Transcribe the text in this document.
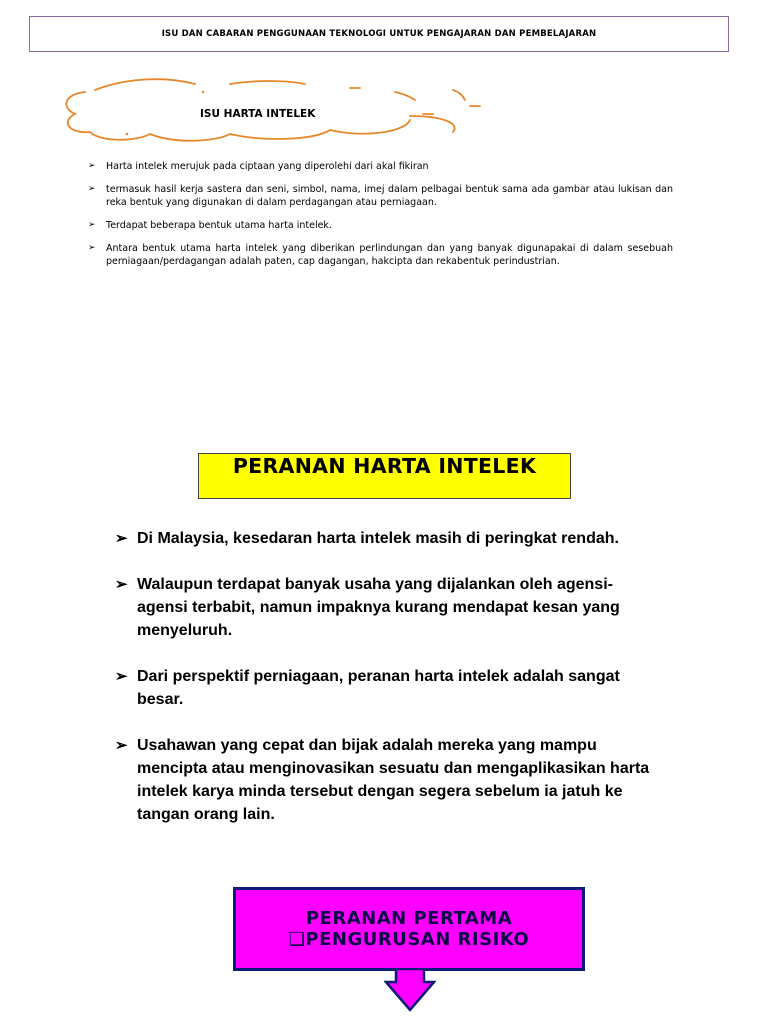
ISU DAN CABARAN PENGGUNAAN TEKNOLOGI UNTUK PENGAJARAN DAN PEMBELAJARAN
ISU HARTA INTELEK
➢ Harta intelek merujuk pada ciptaan yang diperolehi dari akal fikiran
➢ termasuk hasil kerja sastera dan seni, simbol, nama, imej dalam pelbagai bentuk sama ada gambar atau lukisan dan reka bentuk yang digunakan di dalam perdagangan atau perniagaan.
➢ Terdapat beberapa bentuk utama harta intelek.
➢ Antara bentuk utama harta intelek yang diberikan perlindungan dan yang banyak digunapakai di dalam sesebuah perniagaan/perdagangan adalah paten, cap dagangan, hakcipta dan rekabentuk perindustrian.
PERANAN HARTA INTELEK
➢ Di Malaysia, kesedaran harta intelek masih di peringkat rendah.
➢ Walaupun terdapat banyak usaha yang dijalankan oleh agensi-agensi terbabit, namun impaknya kurang mendapat kesan yang menyeluruh.
➢ Dari perspektif perniagaan, peranan harta intelek adalah sangat besar.
➢ Usahawan yang cepat dan bijak adalah mereka yang mampu mencipta atau menginovasikan sesuatu dan mengaplikasikan harta intelek karya minda tersebut dengan segera sebelum ia jatuh ke tangan orang lain.
PERANAN PERTAMA
❑PENGURUSAN RISIKO
